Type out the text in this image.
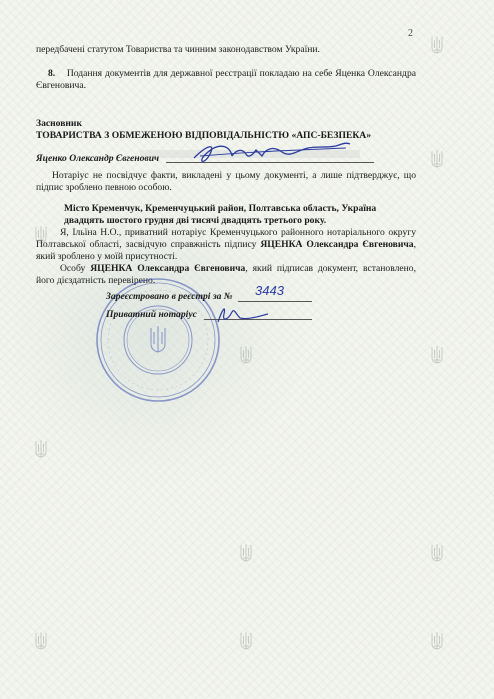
2

передбачені статутом Товариства та чинним законодавством України.

8. Подання документів для державної реєстрації покладаю на себе Яценка Олександра Євгеновича.

Засновник

ТОВАРИСТВА З ОБМЕЖЕНОЮ ВІДПОВІДАЛЬНІСТЮ «АПС-БЕЗПЕКА»

Яценко Олександр Євгенович

Нотаріус не посвідчує факти, викладені у цьому документі, а лише підтверджує, що підпис зроблено певною особою.

Місто Кременчук, Кременчуцький район, Полтавська область, Україна

двадцять шостого грудня дві тисячі двадцять третього року.

Я, Ільїна Н.О., приватний нотаріус Кременчуцького районного нотаріального округу Полтавської області, засвідчую справжність підпису ЯЦЕНКА Олександра Євгеновича, який зроблено у моїй присутності.

Особу ЯЦЕНКА Олександра Євгеновича, який підписав документ, встановлено, його дієздатність перевірено.

Зареєстровано в реєстрі за №	3443

Приватний нотаріус
